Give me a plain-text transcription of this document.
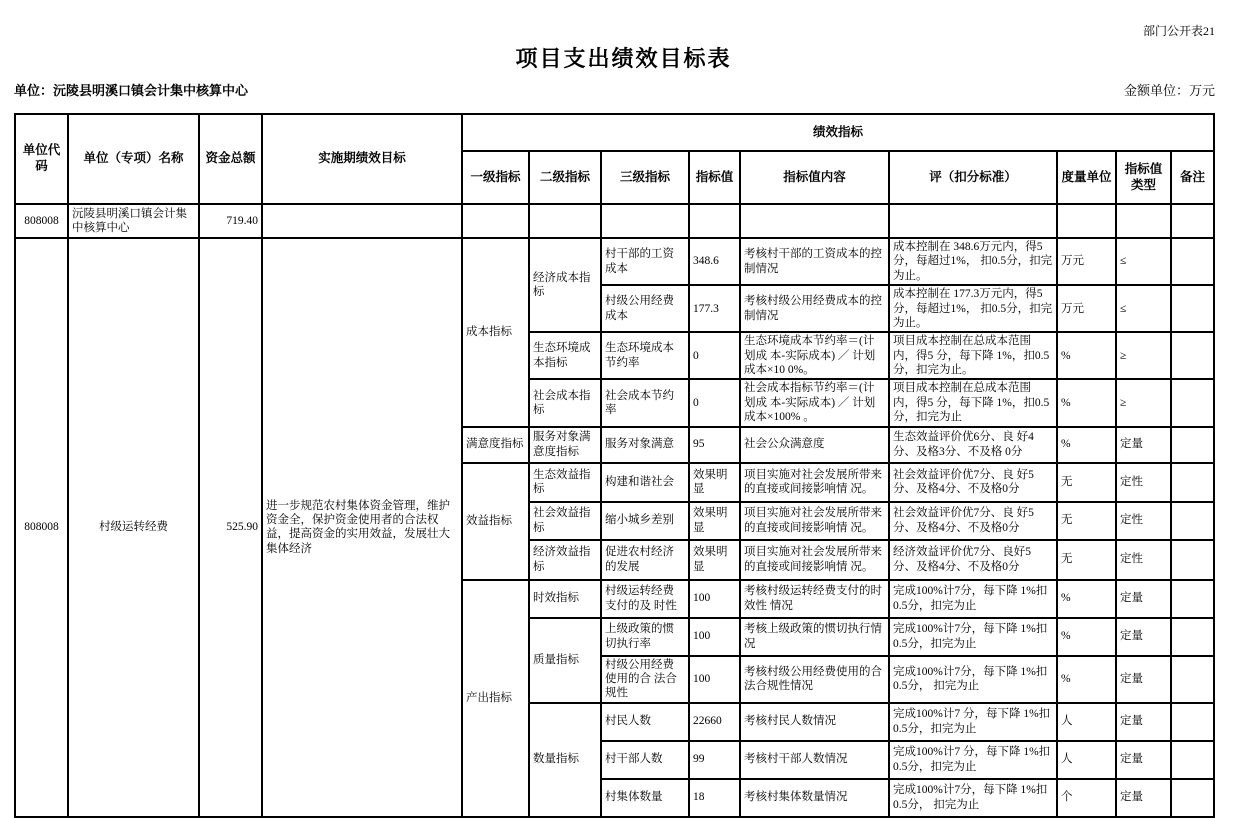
部门公开表21
项目支出绩效目标表
单位：沅陵县明溪口镇会计集中核算中心	金额单位：万元
单位代码	单位（专项）名称	资金总额	实施期绩效目标	绩效指标								
				一级指标	二级指标	三级指标	指标值	指标值内容	评（扣分标准）	度量单位	指标值类型	备注
808008	沅陵县明溪口镇会计集中核算中心	719.40										
808008	村级运转经费	525.90	进一步规范农村集体资金管理，维护资金全，保护资金使用者的合法权益，提高资金的实用效益，发展壮大集体经济	成本指标	经济成本指标	村干部的工资成本	348.6	考核村干部的工资成本的控制情况	成本控制在 348.6万元内，得5分，每超过1%， 扣0.5分，扣完为止。	万元	≤	
						村级公用经费成本	177.3	考核村级公用经费成本的控制情况	成本控制在 177.3万元内，得5分，每超过1%， 扣0.5分，扣完为止。	万元	≤	
					生态环境成本指标	生态环境成本节约率	0	生态环境成本节约率＝(计划成 本-实际成本) ／ 计划成本×10 0%。	项目成本控制在总成本范围内，得5 分，每下降 1%，扣0.5 分，扣完为止。	%	≥	
					社会成本指标	社会成本节约率	0	社会成本指标节约率＝(计划成 本-实际成本) ／ 计划成本×100% 。	项目成本控制在总成本范围内，得5 分，每下降 1%，扣0.5 分，扣完为止	%	≥	
				满意度指标	服务对象满意度指标	服务对象满意	95	社会公众满意度	生态效益评价优6分、良 好4分、及格3分、不及格 0分	%	定量	
				效益指标	生态效益指标	构建和谐社会	效果明显	项目实施对社会发展所带来的直接或间接影响情 况。	社会效益评价优7分、良 好5分、及格4分、不及格0分	无	定性	
					社会效益指标	缩小城乡差别	效果明显	项目实施对社会发展所带来的直接或间接影响情 况。	社会效益评价优7分、良 好5分、及格4分、不及格0分	无	定性	
					经济效益指标	促进农村经济的发展	效果明显	项目实施对社会发展所带来的直接或间接影响情 况。	经济效益评价优7分、良好5分、及格4分、不及格0分	无	定性	
				产出指标	时效指标	村级运转经费支付的及 时性	100	考核村级运转经费支付的时效性 情况	完成100%计7分，每下降 1%扣0.5分，扣完为止	%	定量	
					质量指标	上级政策的惯切执行率	100	考核上级政策的惯切执行情况	完成100%计7分，每下降 1%扣0.5分，扣完为止	%	定量	
						村级公用经费使用的合 法合规性	100	考核村级公用经费使用的合法合规性情况	完成100%计7分，每下降 1%扣0.5分， 扣完为止	%	定量	
					数量指标	村民人数	22660	考核村民人数情况	完成100%计7 分，每下降 1%扣0.5分，扣完为止	人	定量	
						村干部人数	99	考核村干部人数情况	完成100%计7 分，每下降 1%扣0.5分，扣完为止	人	定量	
						村集体数量	18	考核村集体数量情况	完成100%计7分，每下降 1%扣0.5分， 扣完为止	个	定量	
